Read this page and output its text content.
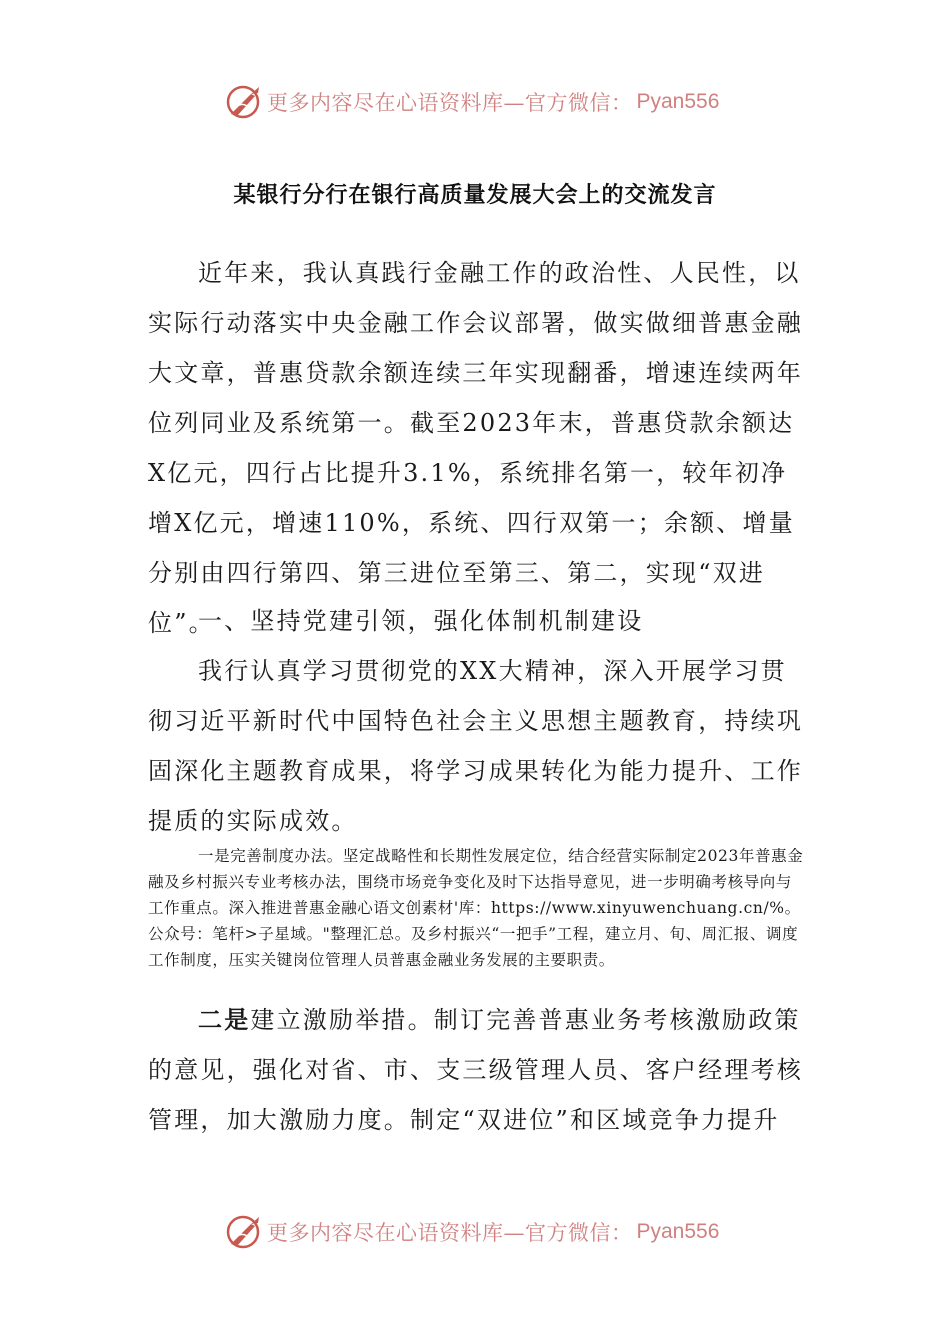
更多内容尽在心语资料库—官方微信： Pyan556
某银行分行在银行高质量发展大会上的交流发言

近年来，我认真践行金融工作的政治性、人民性，以实际行动落实中央金融工作会议部署，做实做细普惠金融大文章，普惠贷款余额连续三年实现翻番，增速连续两年位列同业及系统第一。截至2023年末，普惠贷款余额达X亿元，四行占比提升3.1%，系统排名第一，较年初净增X亿元，增速110%，系统、四行双第一；余额、增量分别由四行第四、第三进位至第三、第二，实现“双进位”。

一、坚持党建引领，强化体制机制建设

我行认真学习贯彻党的XX大精神，深入开展学习贯彻习近平新时代中国特色社会主义思想主题教育，持续巩固深化主题教育成果，将学习成果转化为能力提升、工作提质的实际成效。

一是完善制度办法。坚定战略性和长期性发展定位，结合经营实际制定2023年普惠金融及乡村振兴专业考核办法，围绕市场竞争变化及时下达指导意见，进一步明确考核导向与工作重点。深入推进普惠金融心语文创素材'库：https://www.xinyuwenchuang.cn/%。公众号：笔杆>子星域。"整理汇总。及乡村振兴“一把手”工程，建立月、旬、周汇报、调度工作制度，压实关键岗位管理人员普惠金融业务发展的主要职责。

二是建立激励举措。制订完善普惠业务考核激励政策的意见，强化对省、市、支三级管理人员、客户经理考核管理，加大激励力度。制定“双进位”和区域竞争力提升

更多内容尽在心语资料库—官方微信： Pyan556
